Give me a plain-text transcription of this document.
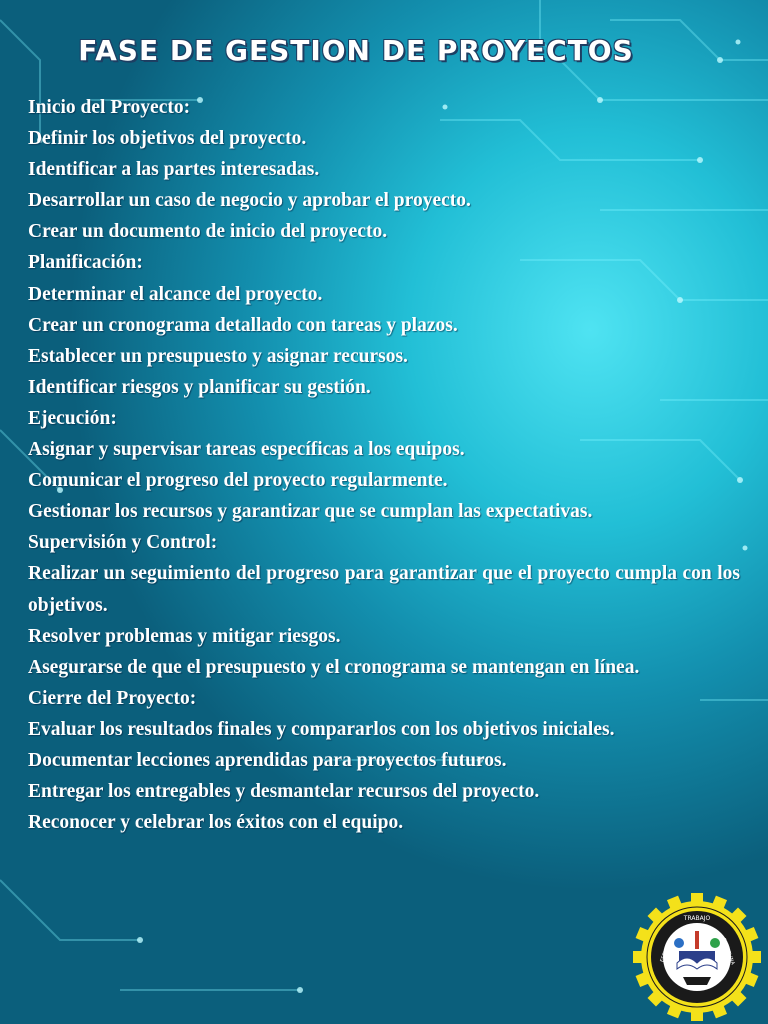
FASE DE GESTION DE PROYECTOS
Inicio del Proyecto:
Definir los objetivos del proyecto.
Identificar a las partes interesadas.
Desarrollar un caso de negocio y aprobar el proyecto.
Crear un documento de inicio del proyecto.
Planificación:
Determinar el alcance del proyecto.
Crear un cronograma detallado con tareas y plazos.
Establecer un presupuesto y asignar recursos.
Identificar riesgos y planificar su gestión.
Ejecución:
Asignar y supervisar tareas específicas a los equipos.
Comunicar el progreso del proyecto regularmente.
Gestionar los recursos y garantizar que se cumplan las expectativas.
Supervisión y Control:
Realizar un seguimiento del progreso para garantizar que el proyecto cumpla con los objetivos.
Resolver problemas y mitigar riesgos.
Asegurarse de que el presupuesto y el cronograma se mantengan en línea.
Cierre del Proyecto:
Evaluar los resultados finales y compararlos con los objetivos iniciales.
Documentar lecciones aprendidas para proyectos futuros.
Entregar los entregables y desmantelar recursos del proyecto.
Reconocer y celebrar los éxitos con el equipo.
TRABAJO
DISCIPLINA
ESTUDIO
